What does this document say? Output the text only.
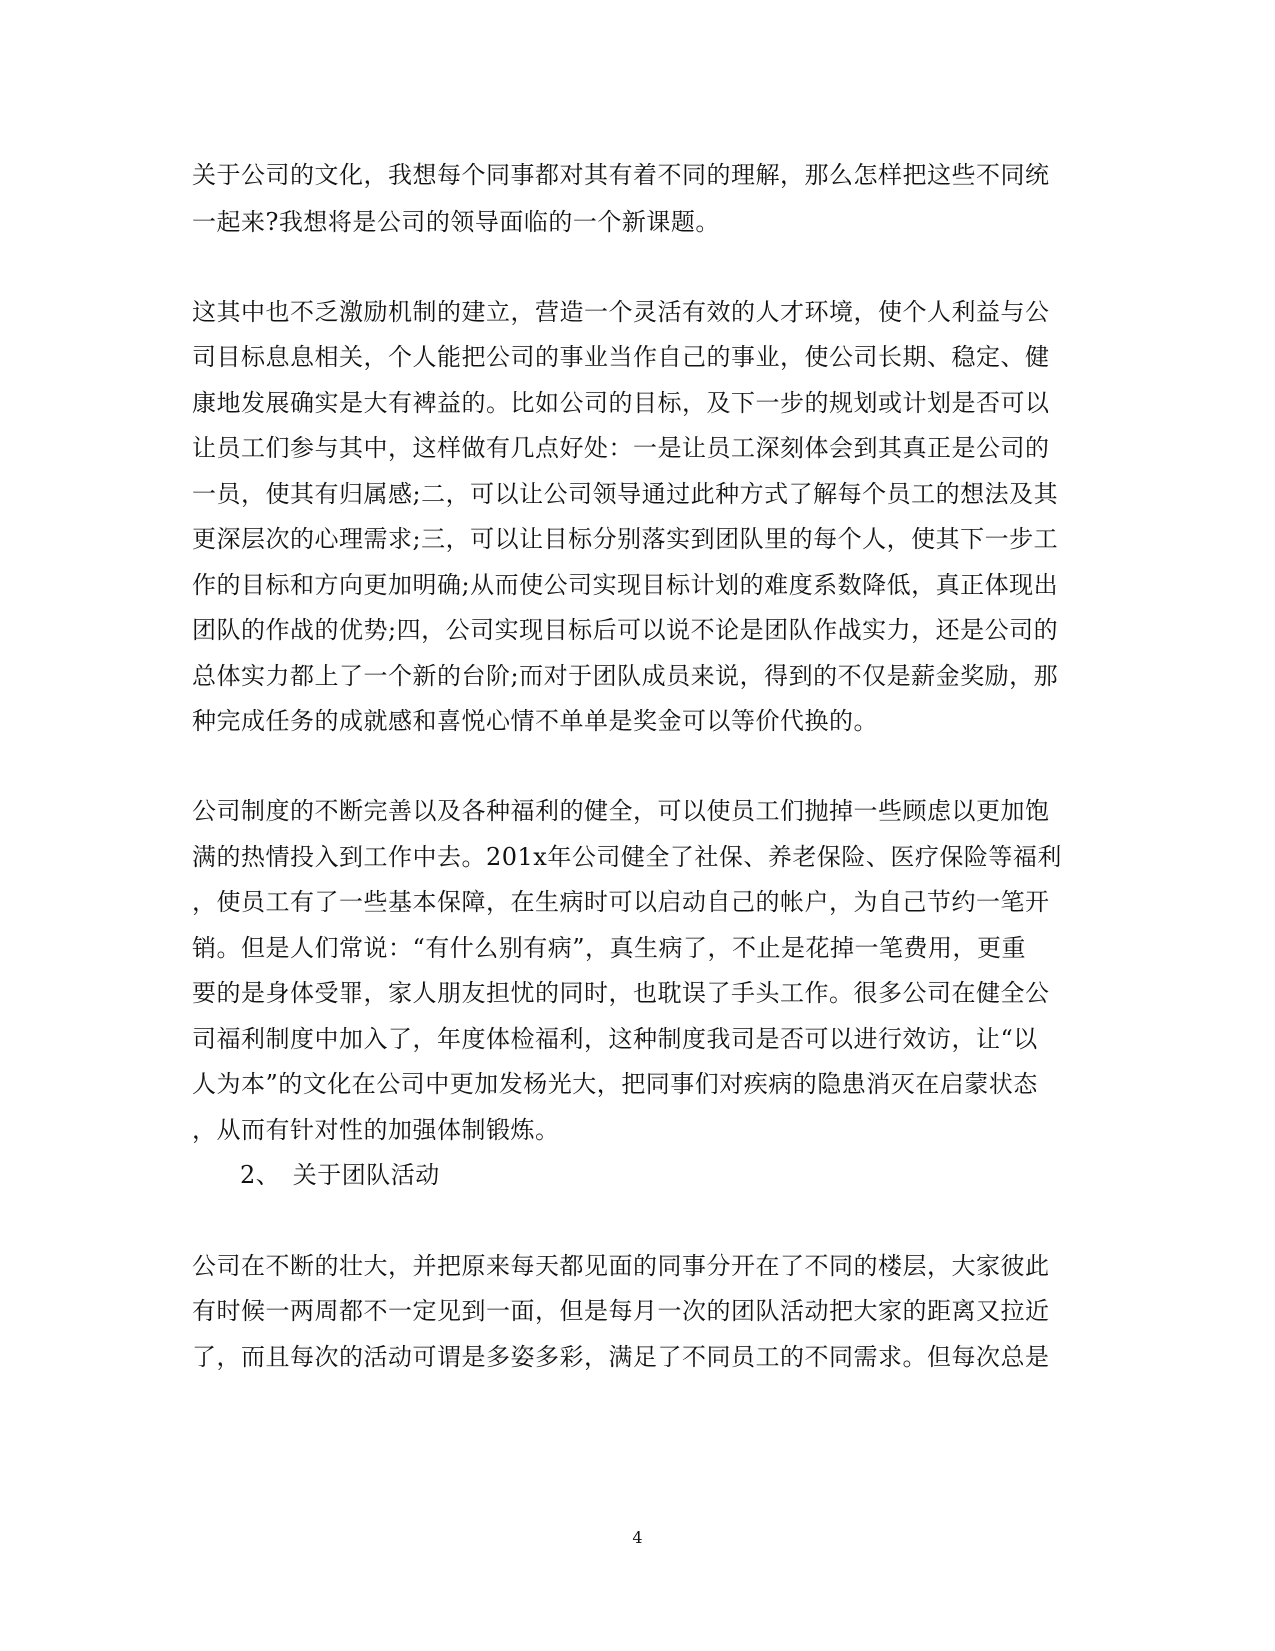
关于公司的文化，我想每个同事都对其有着不同的理解，那么怎样把这些不同统
一起来?我想将是公司的领导面临的一个新课题。
这其中也不乏激励机制的建立，营造一个灵活有效的人才环境，使个人利益与公
司目标息息相关，个人能把公司的事业当作自己的事业，使公司长期、稳定、健
康地发展确实是大有裨益的。比如公司的目标，及下一步的规划或计划是否可以
让员工们参与其中，这样做有几点好处：一是让员工深刻体会到其真正是公司的
一员，使其有归属感;二，可以让公司领导通过此种方式了解每个员工的想法及其
更深层次的心理需求;三，可以让目标分别落实到团队里的每个人，使其下一步工
作的目标和方向更加明确;从而使公司实现目标计划的难度系数降低，真正体现出
团队的作战的优势;四，公司实现目标后可以说不论是团队作战实力，还是公司的
总体实力都上了一个新的台阶;而对于团队成员来说，得到的不仅是薪金奖励，那
种完成任务的成就感和喜悦心情不单单是奖金可以等价代换的。
公司制度的不断完善以及各种福利的健全，可以使员工们抛掉一些顾虑以更加饱
满的热情投入到工作中去。201x年公司健全了社保、养老保险、医疗保险等福利
，使员工有了一些基本保障，在生病时可以启动自己的帐户，为自己节约一笔开
销。但是人们常说：“有什么别有病”，真生病了，不止是花掉一笔费用，更重
要的是身体受罪，家人朋友担忧的同时，也耽误了手头工作。很多公司在健全公
司福利制度中加入了，年度体检福利，这种制度我司是否可以进行效访，让“以
人为本”的文化在公司中更加发杨光大，把同事们对疾病的隐患消灭在启蒙状态
，从而有针对性的加强体制锻炼。
2、　关于团队活动
公司在不断的壮大，并把原来每天都见面的同事分开在了不同的楼层，大家彼此
有时候一两周都不一定见到一面，但是每月一次的团队活动把大家的距离又拉近
了，而且每次的活动可谓是多姿多彩，满足了不同员工的不同需求。但每次总是
4
